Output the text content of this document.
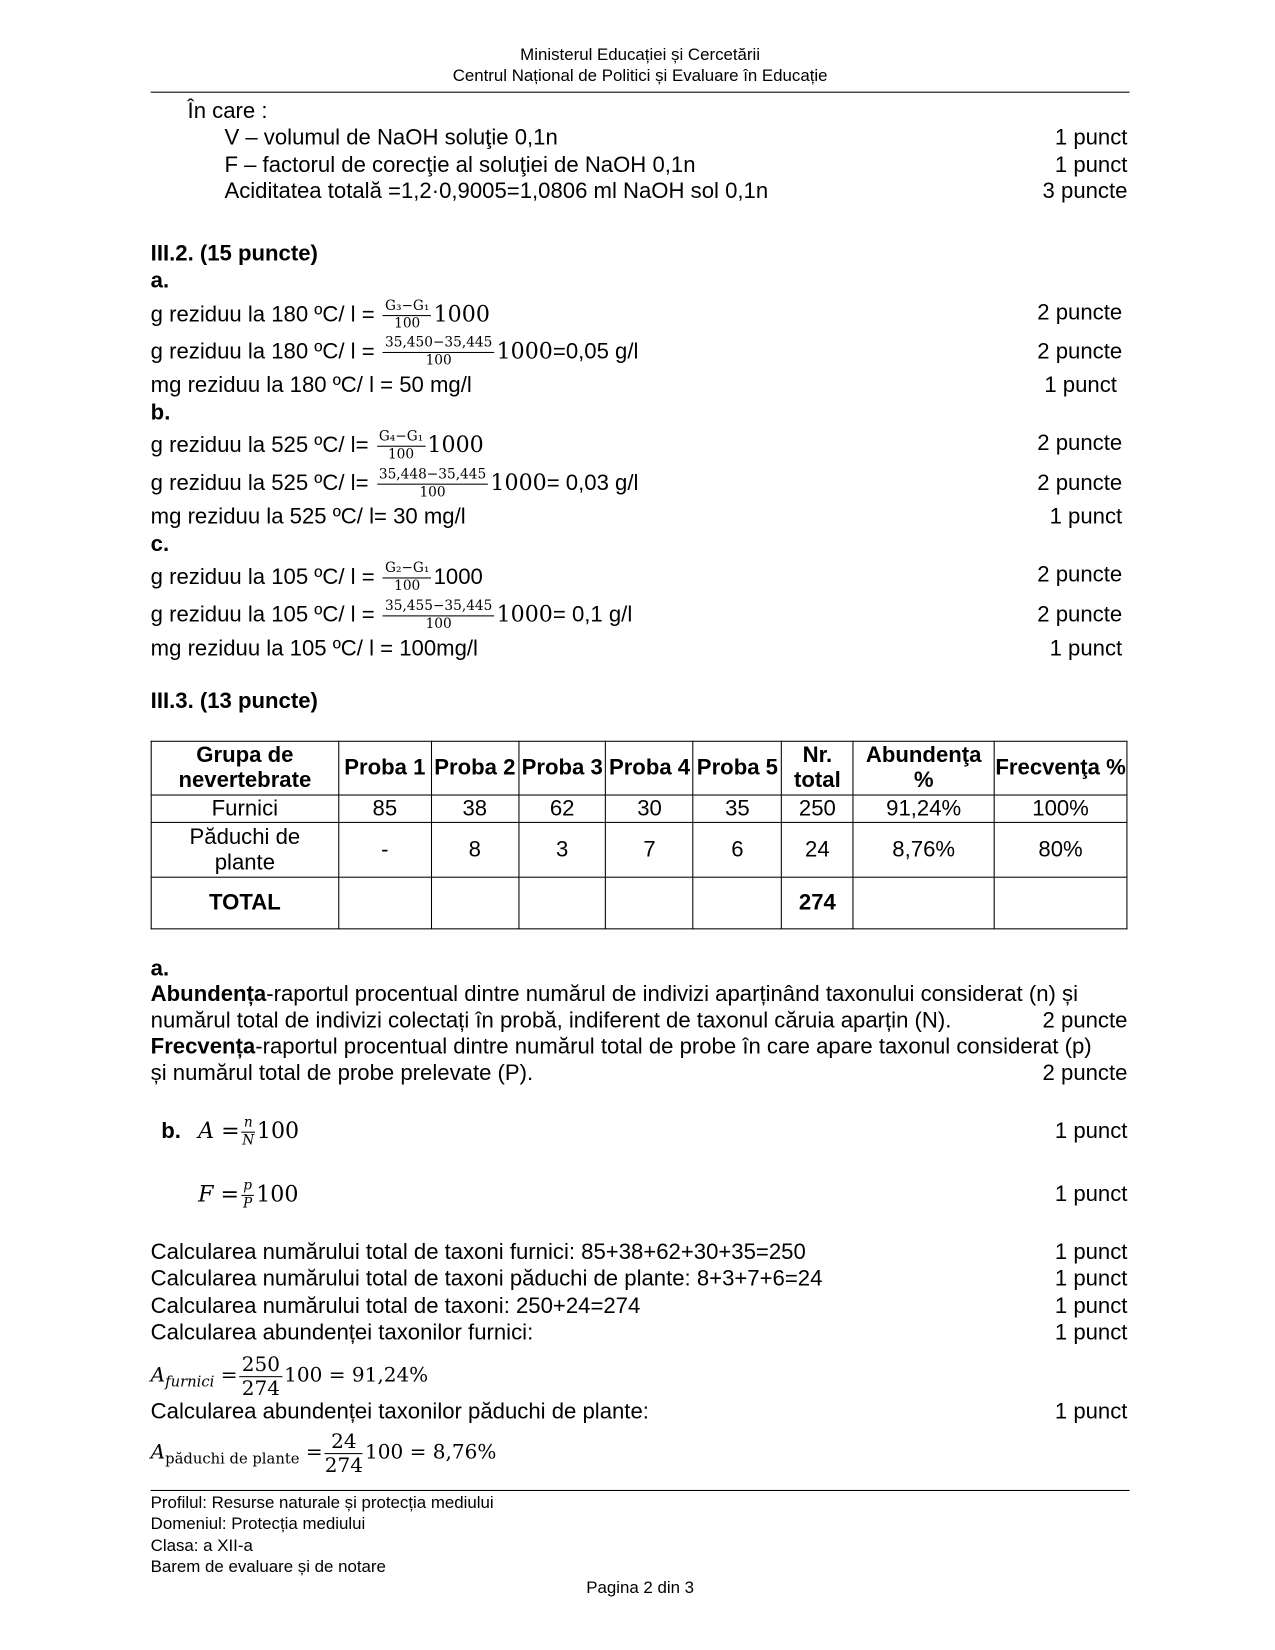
Ministerul Educației și Cercetării
Centrul Național de Politici și Evaluare în Educație
În care :
V – volumul de NaOH soluţie 0,1n	1 punct
F – factorul de corecţie al soluţiei de NaOH 0,1n	1 punct
Aciditatea totală =1,2·0,9005=1,0806 ml NaOH sol 0,1n	3 puncte
III.2. (15 puncte)
a.
g reziduu la 180 ºC/ $l = \frac{\text{G₃−G₁}}{100} 1000$	2 puncte
g reziduu la 180 ºC/ $l = \frac{35,450-35,445}{100} 1000=0,05$ g/l	2 puncte
mg reziduu la 180 ºC/ l = 50 mg/l	1 punct
b.
g reziduu la 525 ºC/ $l= \frac{\text{G₄−G₁}}{100} 1000$	2 puncte
g reziduu la 525 ºC/ $l= \frac{35,448-35,445}{100} 1000= 0,03$ g/l	2 puncte
mg reziduu la 525 ºC/ l= 30 mg/l	1 punct
c.
g reziduu la 105 ºC/ $l = \frac{\text{G₂−G₁}}{100} 1000$	2 puncte
g reziduu la 105 ºC/ $l = \frac{35,455-35,445}{100} 1000= 0,1$ g/l	2 puncte
mg reziduu la 105 ºC/ l = 100mg/l	1 punct
III.3. (13 puncte)
Grupa de nevertebrate	Proba 1	Proba 2	Proba 3	Proba 4	Proba 5	Nr. total	Abundenţa %	Frecvenţa %
Furnici	85	38	62	30	35	250	91,24%	100%
Păduchi de plante	-	8	3	7	6	24	8,76%	80%
TOTAL						274		
a.
Abundența-raportul procentual dintre numărul de indivizi aparținând taxonului considerat (n) și
numărul total de indivizi colectați în probă, indiferent de taxonul căruia aparțin (N).	2 puncte
Frecvența-raportul procentual dintre numărul total de probe în care apare taxonul considerat (p)
și numărul total de probe prelevate (P).	2 puncte
b. $A = \frac{n}{N} 100$	1 punct
$F = \frac{p}{P} 100$	1 punct
Calcularea numărului total de taxoni furnici: 85+38+62+30+35=250	1 punct
Calcularea numărului total de taxoni păduchi de plante: 8+3+7+6=24	1 punct
Calcularea numărului total de taxoni: 250+24=274	1 punct
Calcularea abundenței taxonilor furnici:	1 punct
$A_{furnici} = \frac{250}{274} 100 = 91,24\%$
Calcularea abundenței taxonilor păduchi de plante:	1 punct
$A_{păduchi de plante} = \frac{24}{274} 100 = 8,76\%$
Profilul: Resurse naturale și protecția mediului
Domeniul: Protecția mediului
Clasa: a XII-a
Barem de evaluare și de notare
Pagina 2 din 3
